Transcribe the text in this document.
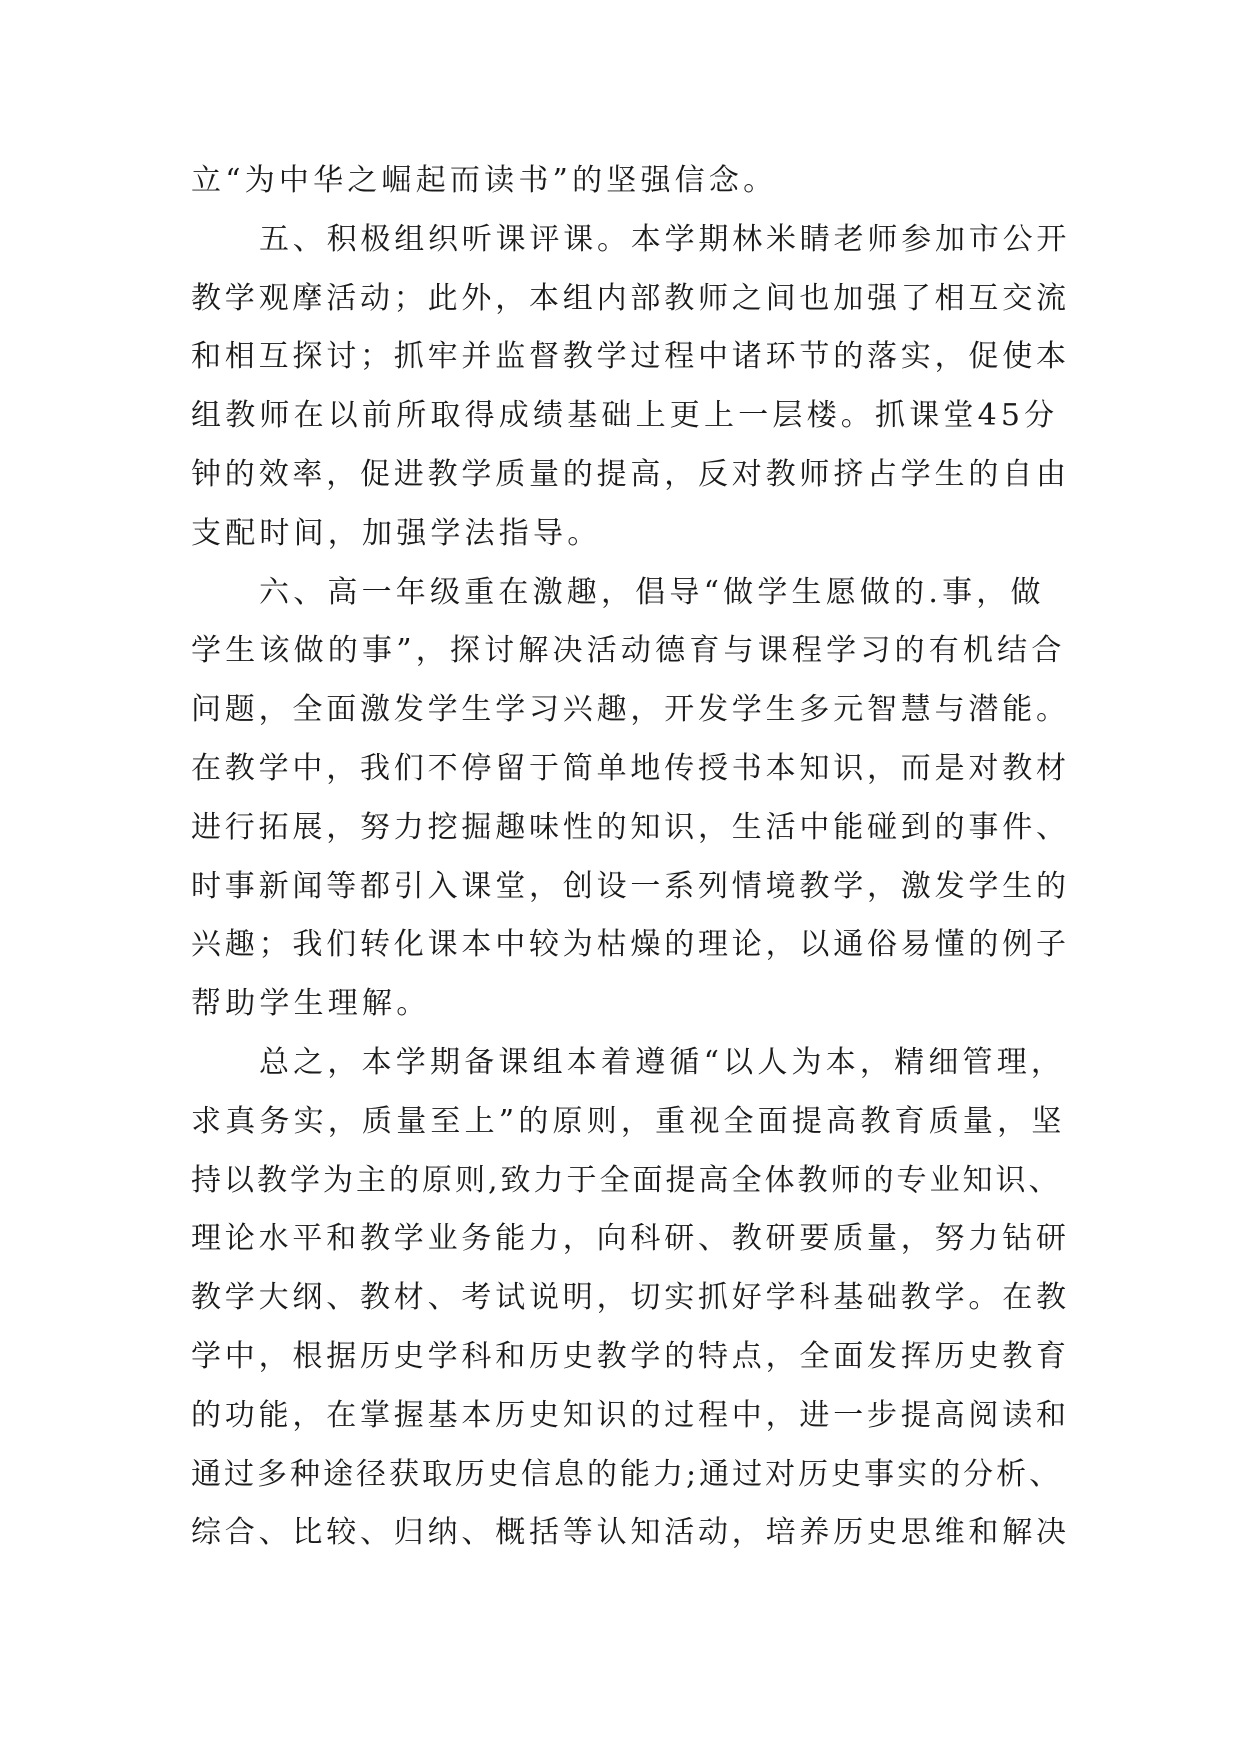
立“为中华之崛起而读书”的坚强信念。
五、积极组织听课评课。本学期林米睛老师参加市公开
教学观摩活动；此外，本组内部教师之间也加强了相互交流
和相互探讨；抓牢并监督教学过程中诸环节的落实，促使本
组教师在以前所取得成绩基础上更上一层楼。抓课堂45分
钟的效率，促进教学质量的提高，反对教师挤占学生的自由
支配时间，加强学法指导。
六、高一年级重在激趣，倡导“做学生愿做的.事，做
学生该做的事”，探讨解决活动德育与课程学习的有机结合
问题，全面激发学生学习兴趣，开发学生多元智慧与潜能。
在教学中，我们不停留于简单地传授书本知识，而是对教材
进行拓展，努力挖掘趣味性的知识，生活中能碰到的事件、
时事新闻等都引入课堂，创设一系列情境教学，激发学生的
兴趣；我们转化课本中较为枯燥的理论，以通俗易懂的例子
帮助学生理解。
总之，本学期备课组本着遵循“以人为本，精细管理，
求真务实，质量至上”的原则，重视全面提高教育质量，坚
持以教学为主的原则,致力于全面提高全体教师的专业知识、
理论水平和教学业务能力，向科研、教研要质量，努力钻研
教学大纲、教材、考试说明，切实抓好学科基础教学。在教
学中，根据历史学科和历史教学的特点，全面发挥历史教育
的功能，在掌握基本历史知识的过程中，进一步提高阅读和
通过多种途径获取历史信息的能力;通过对历史事实的分析、
综合、比较、归纳、概括等认知活动，培养历史思维和解决
